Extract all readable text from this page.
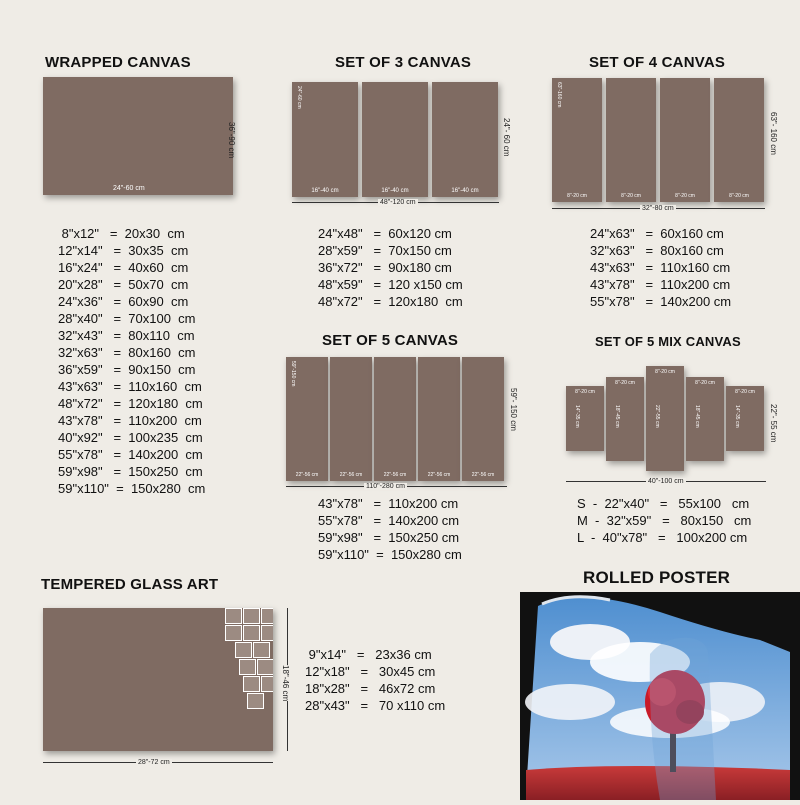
WRAPPED CANVAS
24"-60 cm
36"-90 cm
8"x12"   =  20x30  cm
12"x14"   =  30x35  cm
16"x24"   =  40x60  cm
20"x28"   =  50x70  cm
24"x36"   =  60x90  cm
28"x40"   =  70x100  cm
32"x43"   =  80x110  cm
32"x63"   =  80x160  cm
36"x59"   =  90x150  cm
43"x63"   =  110x160  cm
48"x72"   =  120x180  cm
43"x78"   =  110x200  cm
40"x92"   =  100x235  cm
55"x78"   =  140x200  cm
59"x98"   =  150x250  cm
59"x110"  =  150x280  cm
SET OF 3 CANVAS
16"-40 cm
24"-60 cm
16"-40 cm	16"-40 cm
48"-120 cm
24"- 60 cm
24"x48"   =  60x120 cm
28"x59"   =  70x150 cm
36"x72"   =  90x180 cm
48"x59"   =  120 x150 cm
48"x72"   =  120x180  cm
SET OF 4 CANVAS
8"-20 cm
63"-160 cm
8"-20 cm	8"-20 cm	8"-20 cm
32"-80 cm
63"- 160 cm
24"x63"   =  60x160 cm
32"x63"   =  80x160 cm
43"x63"   =  110x160 cm
43"x78"   =  110x200 cm
55"x78"   =  140x200 cm
SET OF 5 CANVAS
22"-56 cm
59"-150 cm
22"-56 cm	22"-56 cm	22"-56 cm	22"-56 cm
110"-280 cm
59"- 150 cm
43"x78"   =  110x200 cm
55"x78"   =  140x200 cm
59"x98"   =  150x250 cm
59"x110"  =  150x280 cm
SET OF 5 MIX CANVAS
8"-20 cm
14"-35 cm
8"-20 cm
18"-45 cm
8"-20 cm
22"-55 cm
8"-20 cm
18"-45 cm
8"-20 cm
14"-35 cm
40"-100 cm
22"- 55 cm
S  -  22"x40"   =   55x100   cm
M  -  32"x59"   =   80x150   cm
L  -  40"x78"   =   100x200 cm
TEMPERED GLASS ART
28"-72 cm
18"-46 cm
9"x14"   =   23x36 cm
12"x18"   =   30x45 cm
18"x28"   =   46x72 cm
28"x43"   =   70 x110 cm
ROLLED POSTER
